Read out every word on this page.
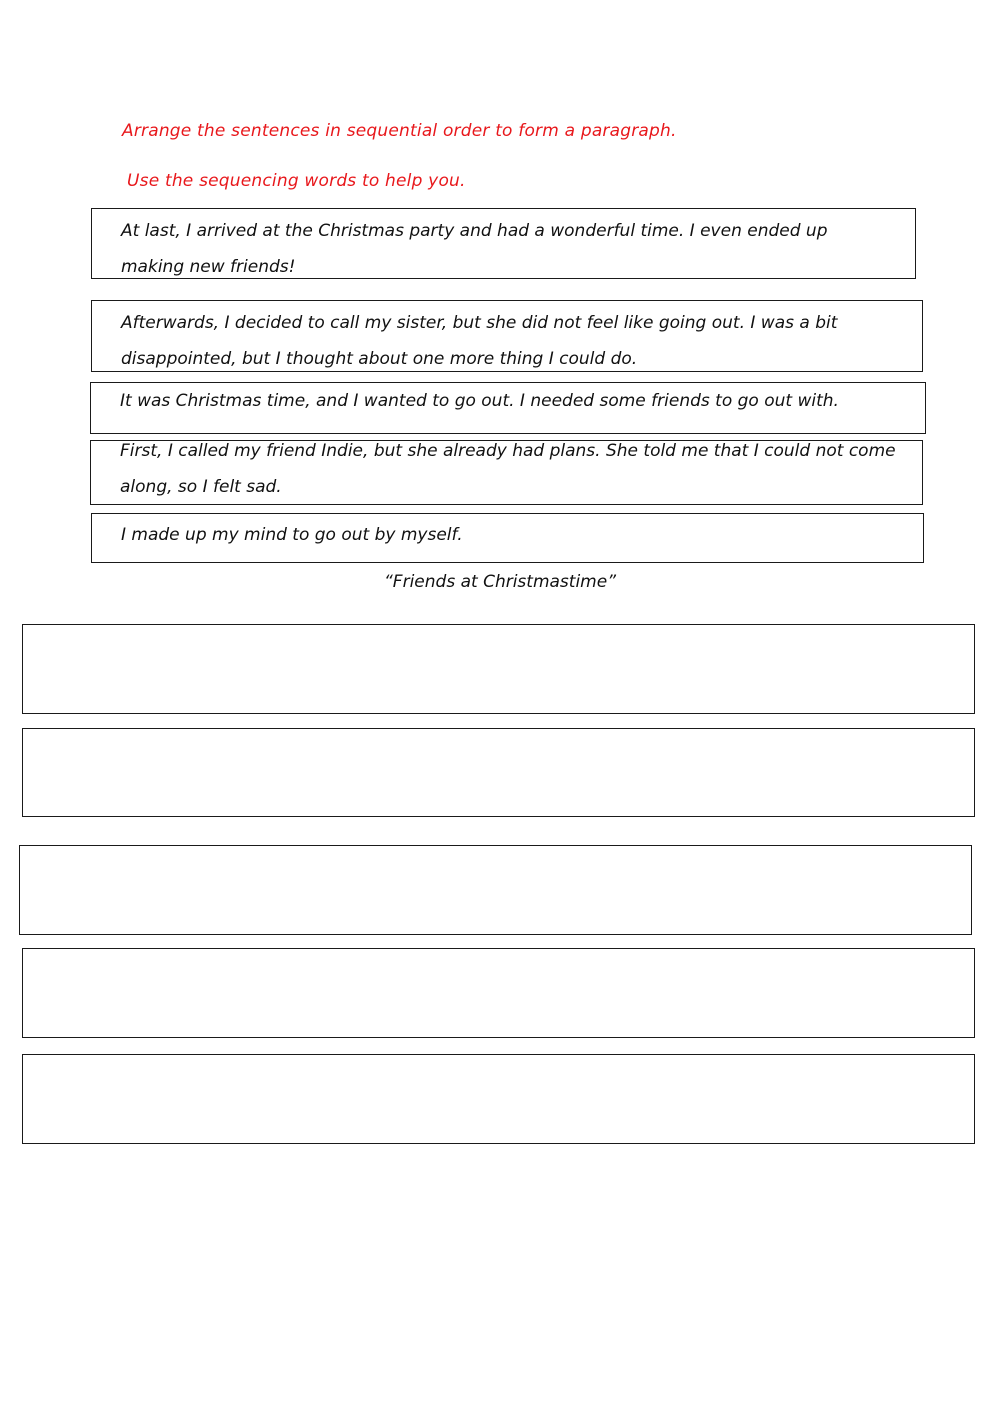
Arrange the sentences in sequential order to form a paragraph.
Use the sequencing words to help you.
At last, I arrived at the Christmas party and had a wonderful time. I even ended up making new friends!
Afterwards, I decided to call my sister, but she did not feel like going out. I was a bit disappointed, but I thought about one more thing I could do.
It was Christmas time, and I wanted to go out. I needed some friends to go out with.
First, I called my friend Indie, but she already had plans. She told me that I could not come along, so I felt sad.
I made up my mind to go out by myself.
“Friends at Christmastime”
